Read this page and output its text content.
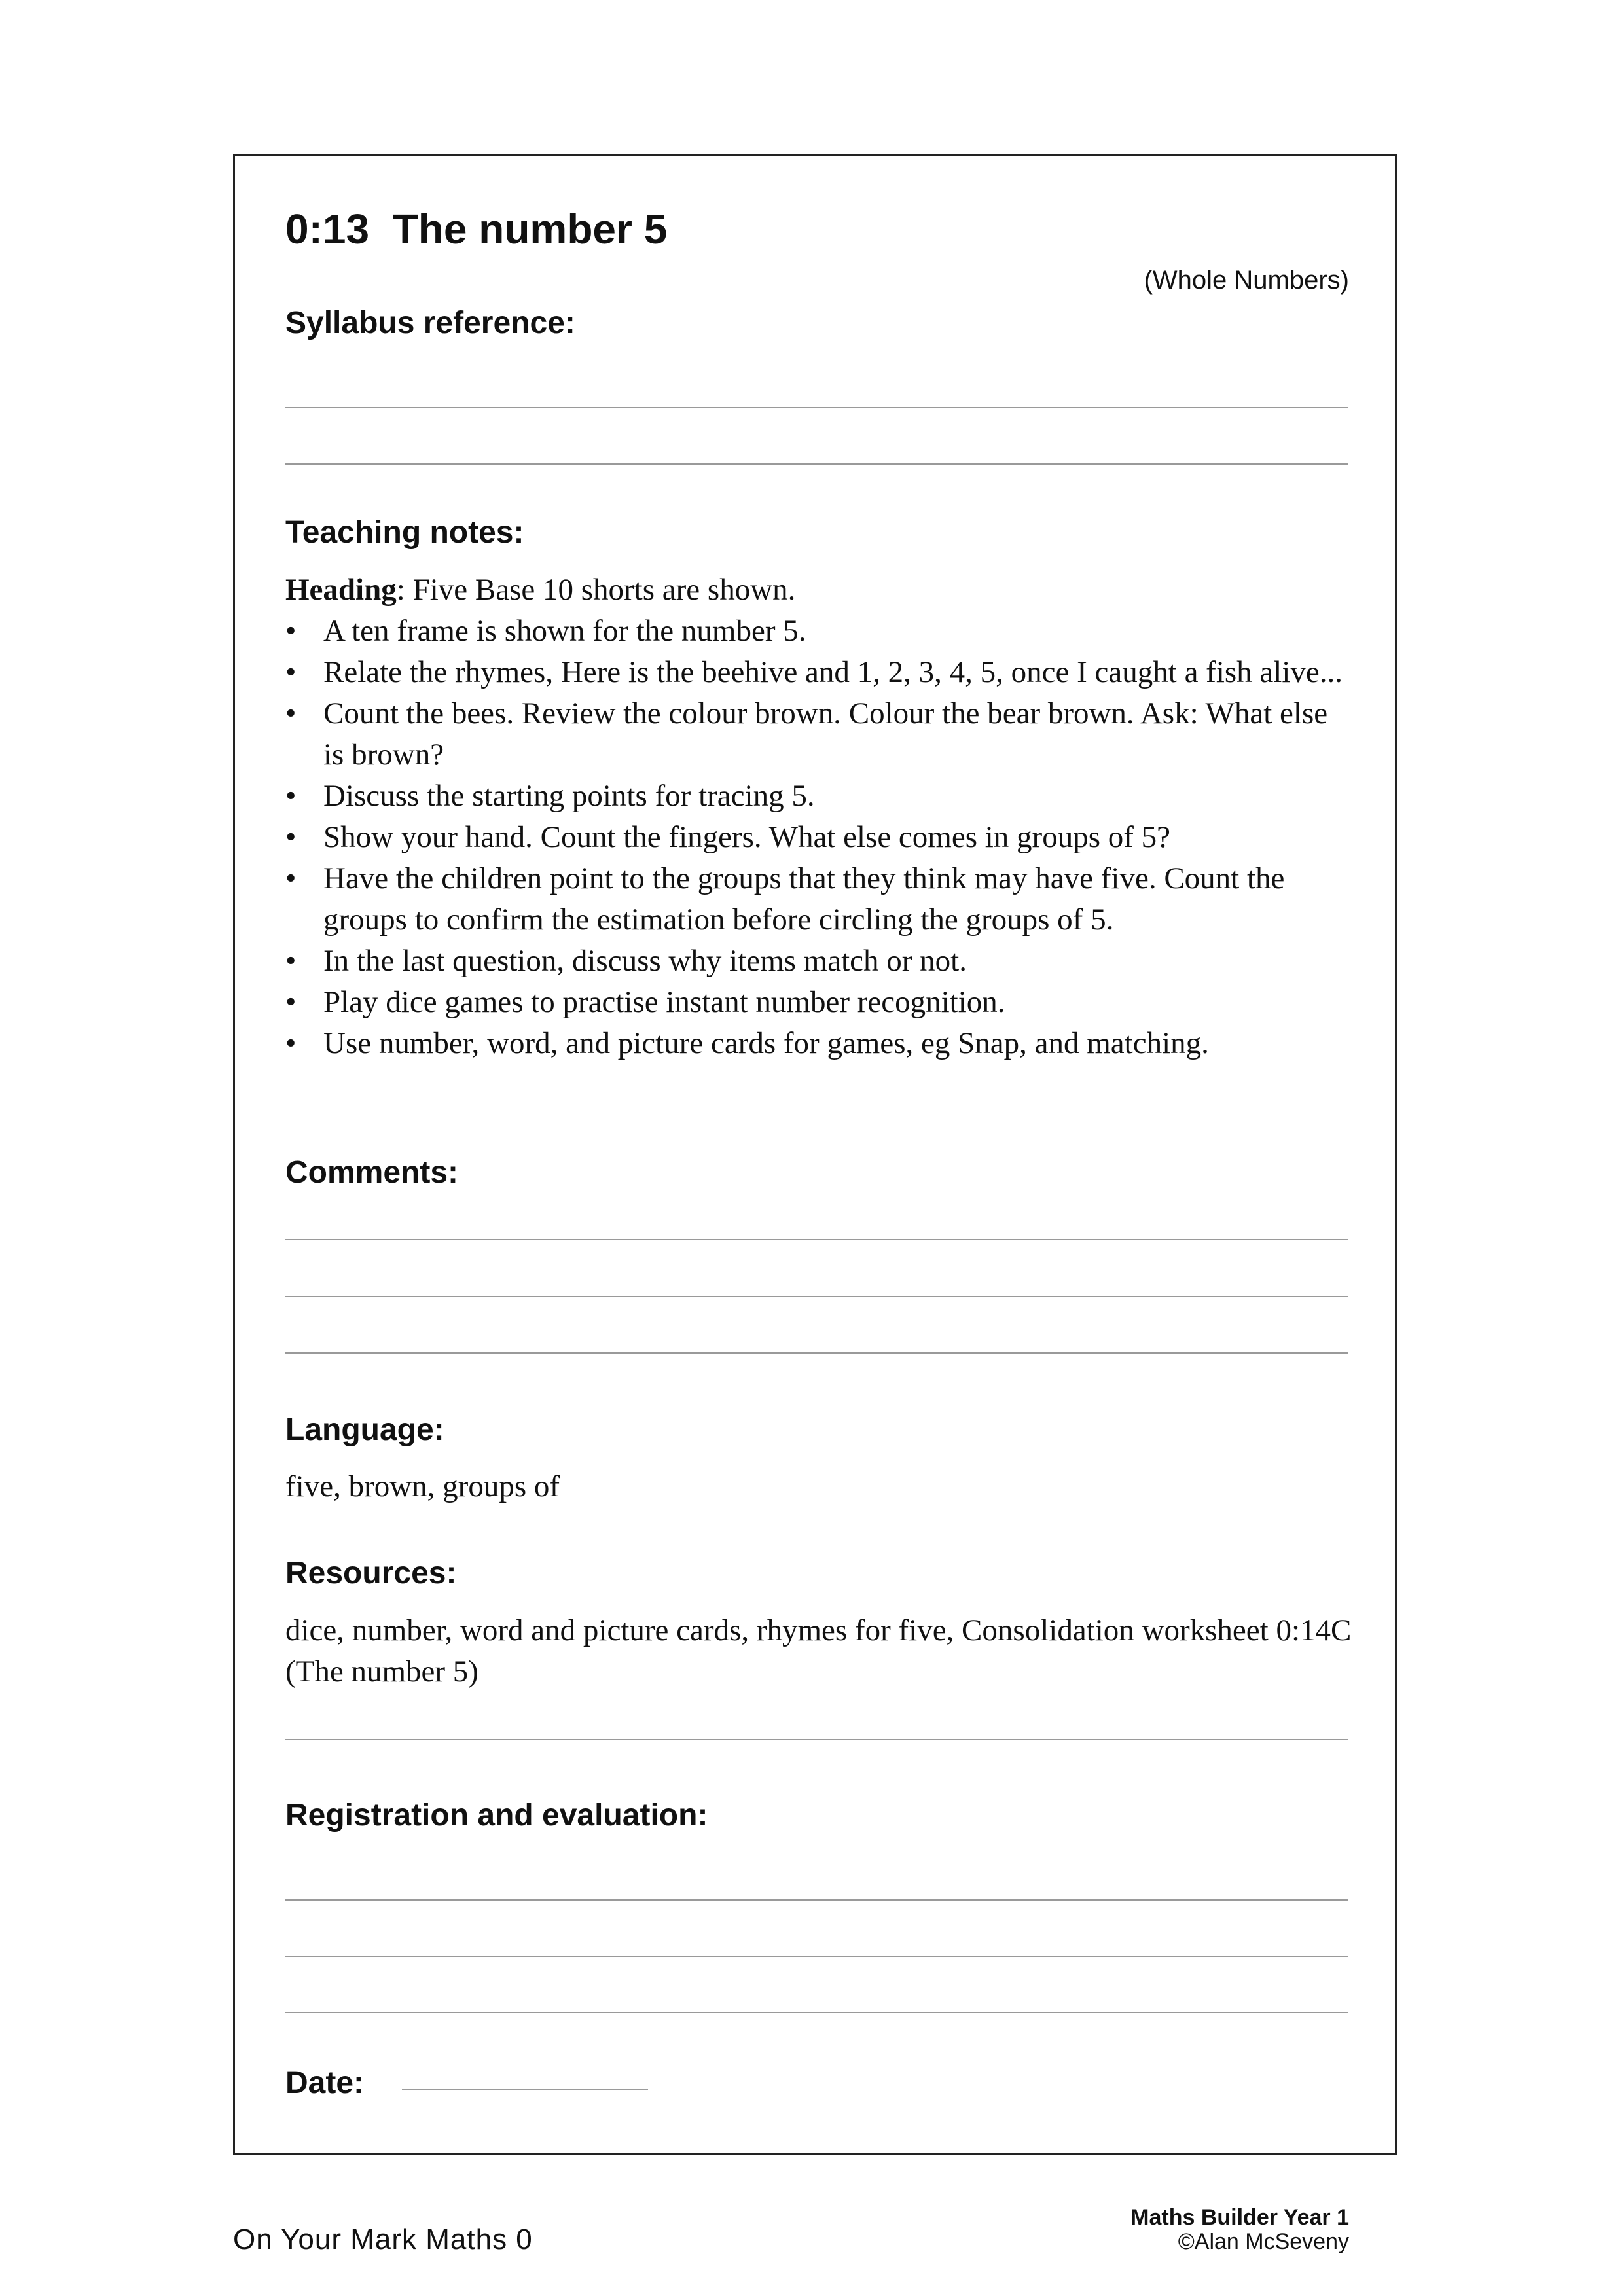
0:13  The number 5
(Whole Numbers)
Syllabus reference:
Teaching notes:

Heading: Five Base 10 shorts are shown.

• A ten frame is shown for the number 5.
• Relate the rhymes, Here is the beehive and 1, 2, 3, 4, 5, once I caught a fish alive...
• Count the bees. Review the colour brown. Colour the bear brown. Ask: What else is brown?
• Discuss the starting points for tracing 5.
• Show your hand. Count the fingers. What else comes in groups of 5?
• Have the children point to the groups that they think may have five. Count the groups to confirm the estimation before circling the groups of 5.
• In the last question, discuss why items match or not.
• Play dice games to practise instant number recognition.
• Use number, word, and picture cards for games, eg Snap, and matching.
Comments:
Language:

five, brown, groups of

Resources:

dice, number, word and picture cards, rhymes for five, Consolidation worksheet 0:14C (The number 5)

Registration and evaluation:
Date:
On Your Mark Maths 0
Maths Builder Year 1
©Alan McSeveny
